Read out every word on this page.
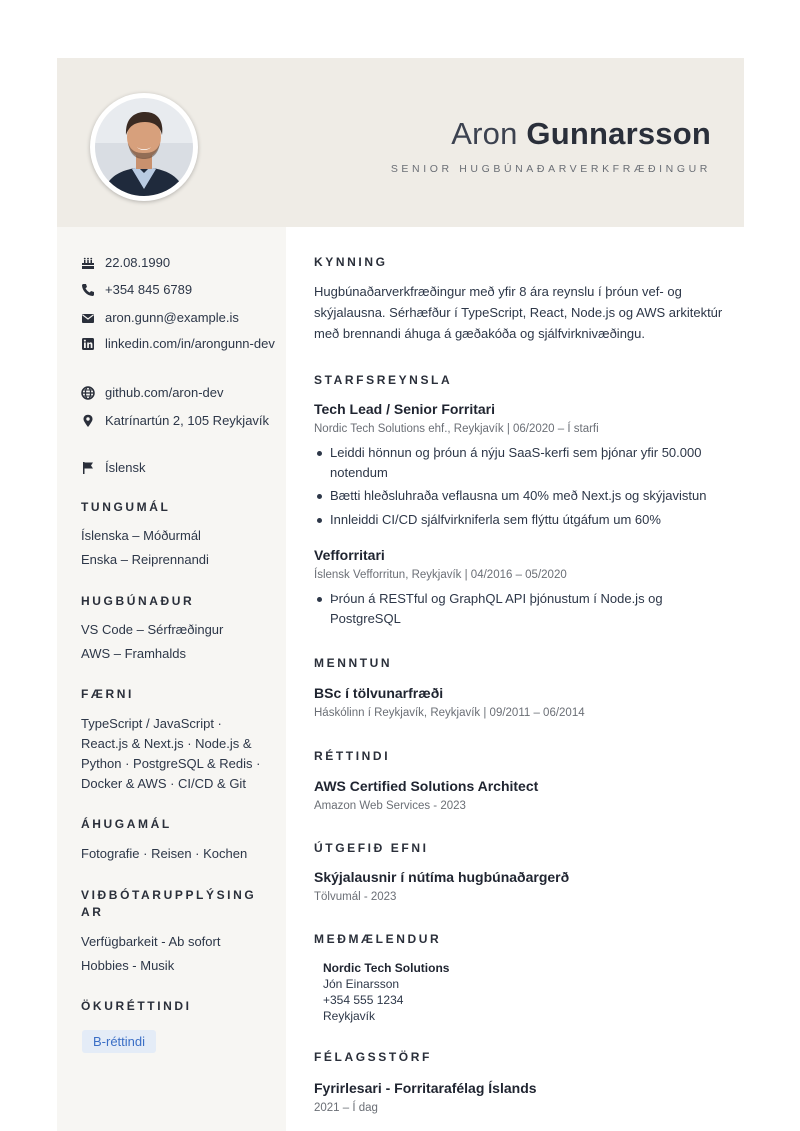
Aron Gunnarsson
SENIOR HUGBÚNAÐARVERKFRÆÐINGUR
22.08.1990
+354 845 6789
aron.gunn@example.is
linkedin.com/in/arongunn-dev
github.com/aron-dev
Katrínartún 2, 105 Reykjavík
Íslensk
TUNGUMÁL
Íslenska – Móðurmál
Enska – Reiprennandi
HUGBÚNAÐUR
VS Code – Sérfræðingur
AWS – Framhalds
FÆRNI
TypeScript / JavaScript · React.js & Next.js · Node.js & Python · PostgreSQL & Redis · Docker & AWS · CI/CD & Git
ÁHUGAMÁL
Fotografie · Reisen · Kochen
VIÐBÓTARUPPLÝSINGAR
Verfügbarkeit - Ab sofort
Hobbies - Musik
ÖKURÉTTINDI
B-réttindi
KYNNING
Hugbúnaðarverkfræðingur með yfir 8 ára reynslu í þróun vef- og skýjalausna. Sérhæfður í TypeScript, React, Node.js og AWS arkitektúr með brennandi áhuga á gæðakóða og sjálfvirknivæðingu.
STARFSREYNSLA
Tech Lead / Senior Forritari
Nordic Tech Solutions ehf., Reykjavík | 06/2020 – Í starfi
Leiddi hönnun og þróun á nýju SaaS-kerfi sem þjónar yfir 50.000 notendum
Bætti hleðsluhraða veflausna um 40% með Next.js og skýjavistun
Innleiddi CI/CD sjálfvirkniferla sem flýttu útgáfum um 60%
Vefforritari
Íslensk Vefforritun, Reykjavík | 04/2016 – 05/2020
Þróun á RESTful og GraphQL API þjónustum í Node.js og PostgreSQL
MENNTUN
BSc í tölvunarfræði
Háskólinn í Reykjavík, Reykjavík | 09/2011 – 06/2014
RÉTTINDI
AWS Certified Solutions Architect
Amazon Web Services - 2023
ÚTGEFIÐ EFNI
Skýjalausnir í nútíma hugbúnaðargerð
Tölvumál - 2023
MEÐMÆLENDUR
Nordic Tech Solutions
Jón Einarsson
+354 555 1234
Reykjavík
FÉLAGSSTÖRF
Fyrirlesari - Forritarafélag Íslands
2021 – Í dag
